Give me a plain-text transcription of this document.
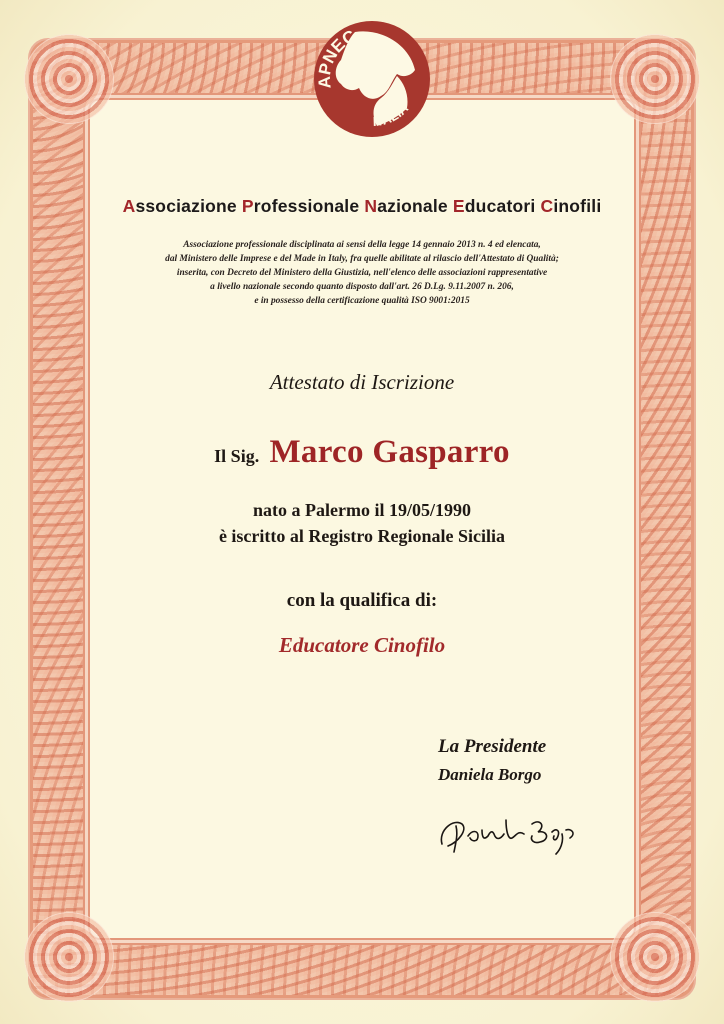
APNEC
ITALIA
Associazione Professionale Nazionale Educatori Cinofili
Associazione professionale disciplinata ai sensi della legge 14 gennaio 2013 n. 4 ed elencata,
dal Ministero delle Imprese e del Made in Italy, fra quelle abilitate al rilascio dell'Attestato di Qualità;
inserita, con Decreto del Ministero della Giustizia, nell'elenco delle associazioni rappresentative
a livello nazionale secondo quanto disposto dall'art. 26 D.Lg. 9.11.2007 n. 206,
e in possesso della certificazione qualità ISO 9001:2015
Attestato di Iscrizione
Il Sig. Marco Gasparro
nato a Palermo il 19/05/1990
è iscritto al Registro Regionale Sicilia
con la qualifica di:
Educatore Cinofilo
La Presidente
Daniela Borgo
